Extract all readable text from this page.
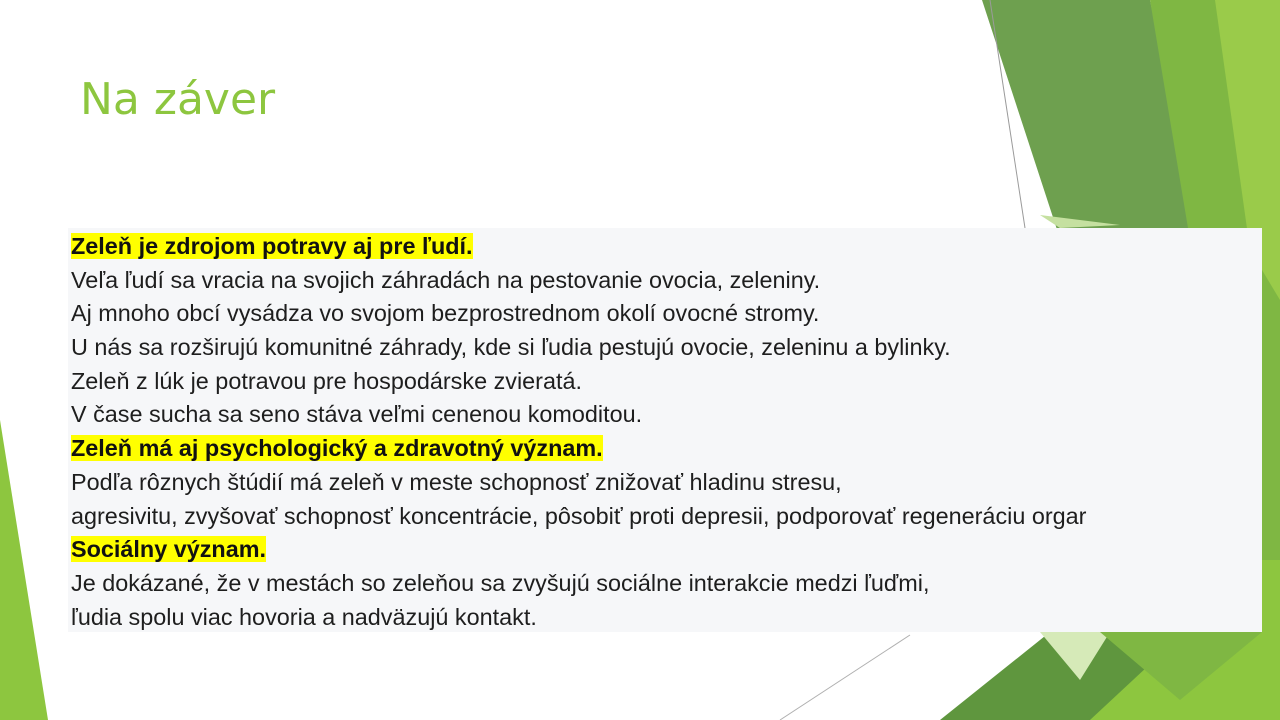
Na záver
Zeleň je zdrojom potravy aj pre ľudí.
Veľa ľudí sa vracia na svojich záhradách na pestovanie ovocia, zeleniny.
Aj mnoho obcí vysádza vo svojom bezprostrednom okolí ovocné stromy.
U nás sa rozširujú komunitné záhrady, kde si ľudia pestujú ovocie, zeleninu a bylinky.
Zeleň z lúk je potravou pre hospodárske zvieratá.
V čase sucha sa seno stáva veľmi cenenou komoditou.
Zeleň má aj psychologický a zdravotný význam.
Podľa rôznych štúdií má zeleň v meste schopnosť znižovať hladinu stresu,
agresivitu, zvyšovať schopnosť koncentrácie, pôsobiť proti depresii, podporovať regeneráciu orgar
Sociálny význam.
Je dokázané, že v mestách so zeleňou sa zvyšujú sociálne interakcie medzi ľuďmi,
ľudia spolu viac hovoria a nadväzujú kontakt.
